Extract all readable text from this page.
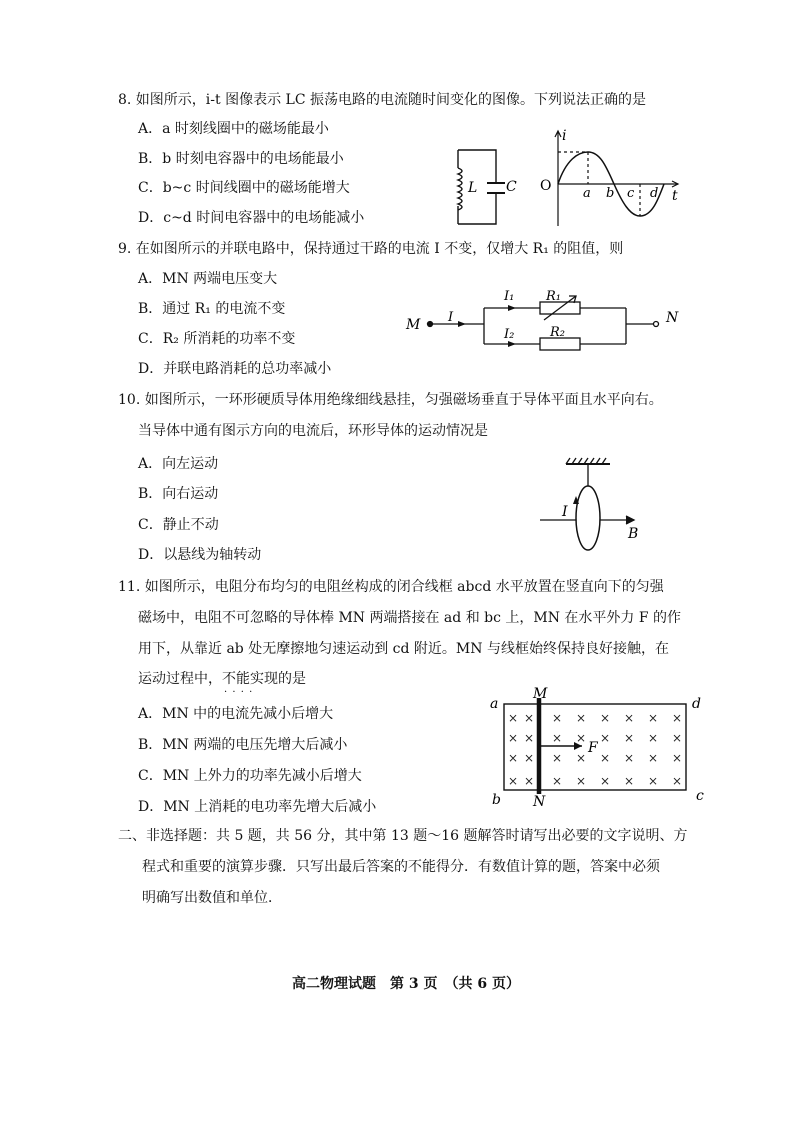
8. 如图所示，i-t 图像表示 LC 振荡电路的电流随时间变化的图像。下列说法正确的是
A．a 时刻线圈中的磁场能最小
B．b 时刻电容器中的电场能最小
C．b~c 时间线圈中的磁场能增大
D．c~d 时间电容器中的电场能减小
L C
i
O a b c d t
9. 在如图所示的并联电路中，保持通过干路的电流 I 不变，仅增大 R₁ 的阻值，则
A．MN 两端电压变大
B．通过 R₁ 的电流不变
C．R₂ 所消耗的功率不变
D．并联电路消耗的总功率减小
M	N
I
I₁ R₁
I₂	R₂
10. 如图所示，一环形硬质导体用绝缘细线悬挂，匀强磁场垂直于导体平面且水平向右。
当导体中通有图示方向的电流后，环形导体的运动情况是
A．向左运动
B．向右运动
C．静止不动
D．以悬线为轴转动
I
B
11. 如图所示，电阻分布均匀的电阻丝构成的闭合线框 abcd 水平放置在竖直向下的匀强
磁场中，电阻不可忽略的导体棒 MN 两端搭接在 ad 和 bc 上，MN 在水平外力 F 的作
用下，从靠近 ab 处无摩擦地匀速运动到 cd 附近。MN 与线框始终保持良好接触，在
运动过程中，不能实现 · · · ·的是
A．MN 中的电流先减小后增大
B．MN 两端的电压先增大后减小
C．MN 上外力的功率先减小后增大
D．MN 上消耗的电功率先增大后减小
× × × × × × × ×
× × × × × × × ×
× × × × × × × ×
× × × × × × × ×
a
b	c
d
M
N
F
二、非选择题：共 5 题，共 56 分，其中第 13 题～16 题解答时请写出必要的文字说明、方
程式和重要的演算步骤．只写出最后答案的不能得分．有数值计算的题，答案中必须
明确写出数值和单位．
高二物理试题　第 3 页　（共 6 页）
